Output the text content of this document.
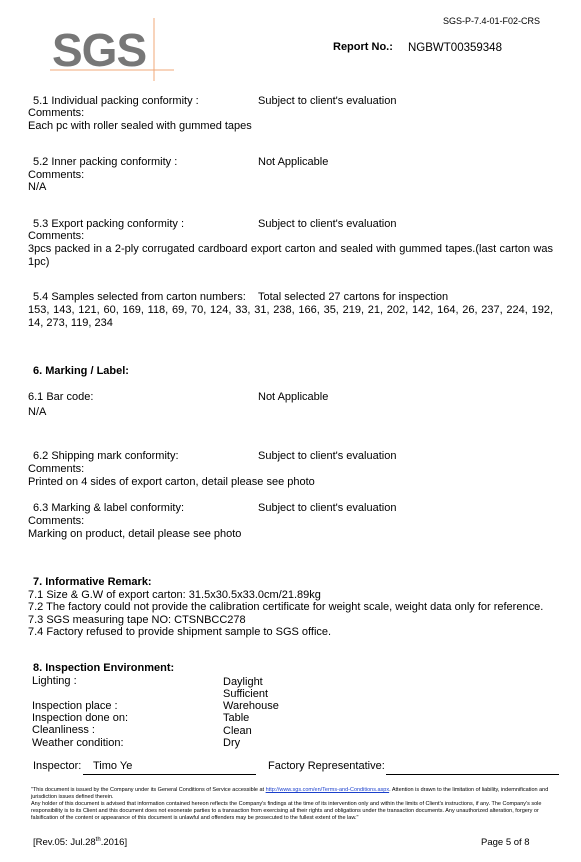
SGS-P-7.4-01-F02-CRS
SGS	Report No.: NGBWT00359348
5.1 Individual packing conformity :	Subject to client's evaluation
Comments:
Each pc with roller sealed with gummed tapes
5.2 Inner packing conformity :	Not Applicable
Comments:
N/A
5.3 Export packing conformity :	Subject to client's evaluation
Comments:
3pcs packed in a 2-ply corrugated cardboard export carton and sealed with gummed tapes.(last carton was 1pc)
5.4 Samples selected from carton numbers: Total selected 27 cartons for inspection
153, 143, 121, 60, 169, 118, 69, 70, 124, 33, 31, 238, 166, 35, 219, 21, 202, 142, 164, 26, 237, 224, 192, 14, 273, 119, 234
6. Marking / Label:
6.1 Bar code:	Not Applicable
N/A
6.2 Shipping mark conformity:	Subject to client's evaluation
Comments:
Printed on 4 sides of export carton, detail please see photo
6.3 Marking & label conformity:	Subject to client's evaluation
Comments:
Marking on product, detail please see photo
7. Informative Remark:
7.1 Size & G.W of export carton: 31.5x30.5x33.0cm/21.89kg
7.2 The factory could not provide the calibration certificate for weight scale, weight data only for reference.
7.3 SGS measuring tape NO: CTSNBCC278
7.4 Factory refused to provide shipment sample to SGS office.
8. Inspection Environment:
Lighting :	Daylight
Sufficient
Inspection place :	Warehouse
Inspection done on:	Table
Cleanliness :	Clean
Weather condition:	Dry
Inspector: Timo Ye	Factory Representative:
"This document is issued by the Company under its General Conditions of Service accessible at http://www.sgs.com/en/Terms-and-Conditions.aspx. Attention is drawn to the limitation of liability, indemnification and jurisdiction issues defined therein.
Any holder of this document is advised that information contained hereon reflects the Company's findings at the time of its intervention only and within the limits of Client's instructions, if any. The Company's sole responsibility is to its Client and this document does not exonerate parties to a transaction from exercising all their rights and obligations under the transaction documents. Any unauthorized alteration, forgery or falsification of the content or appearance of this document is unlawful and offenders may be prosecuted to the fullest extent of the law."
[Rev.05: Jul.28th.2016]	Page 5 of 8
